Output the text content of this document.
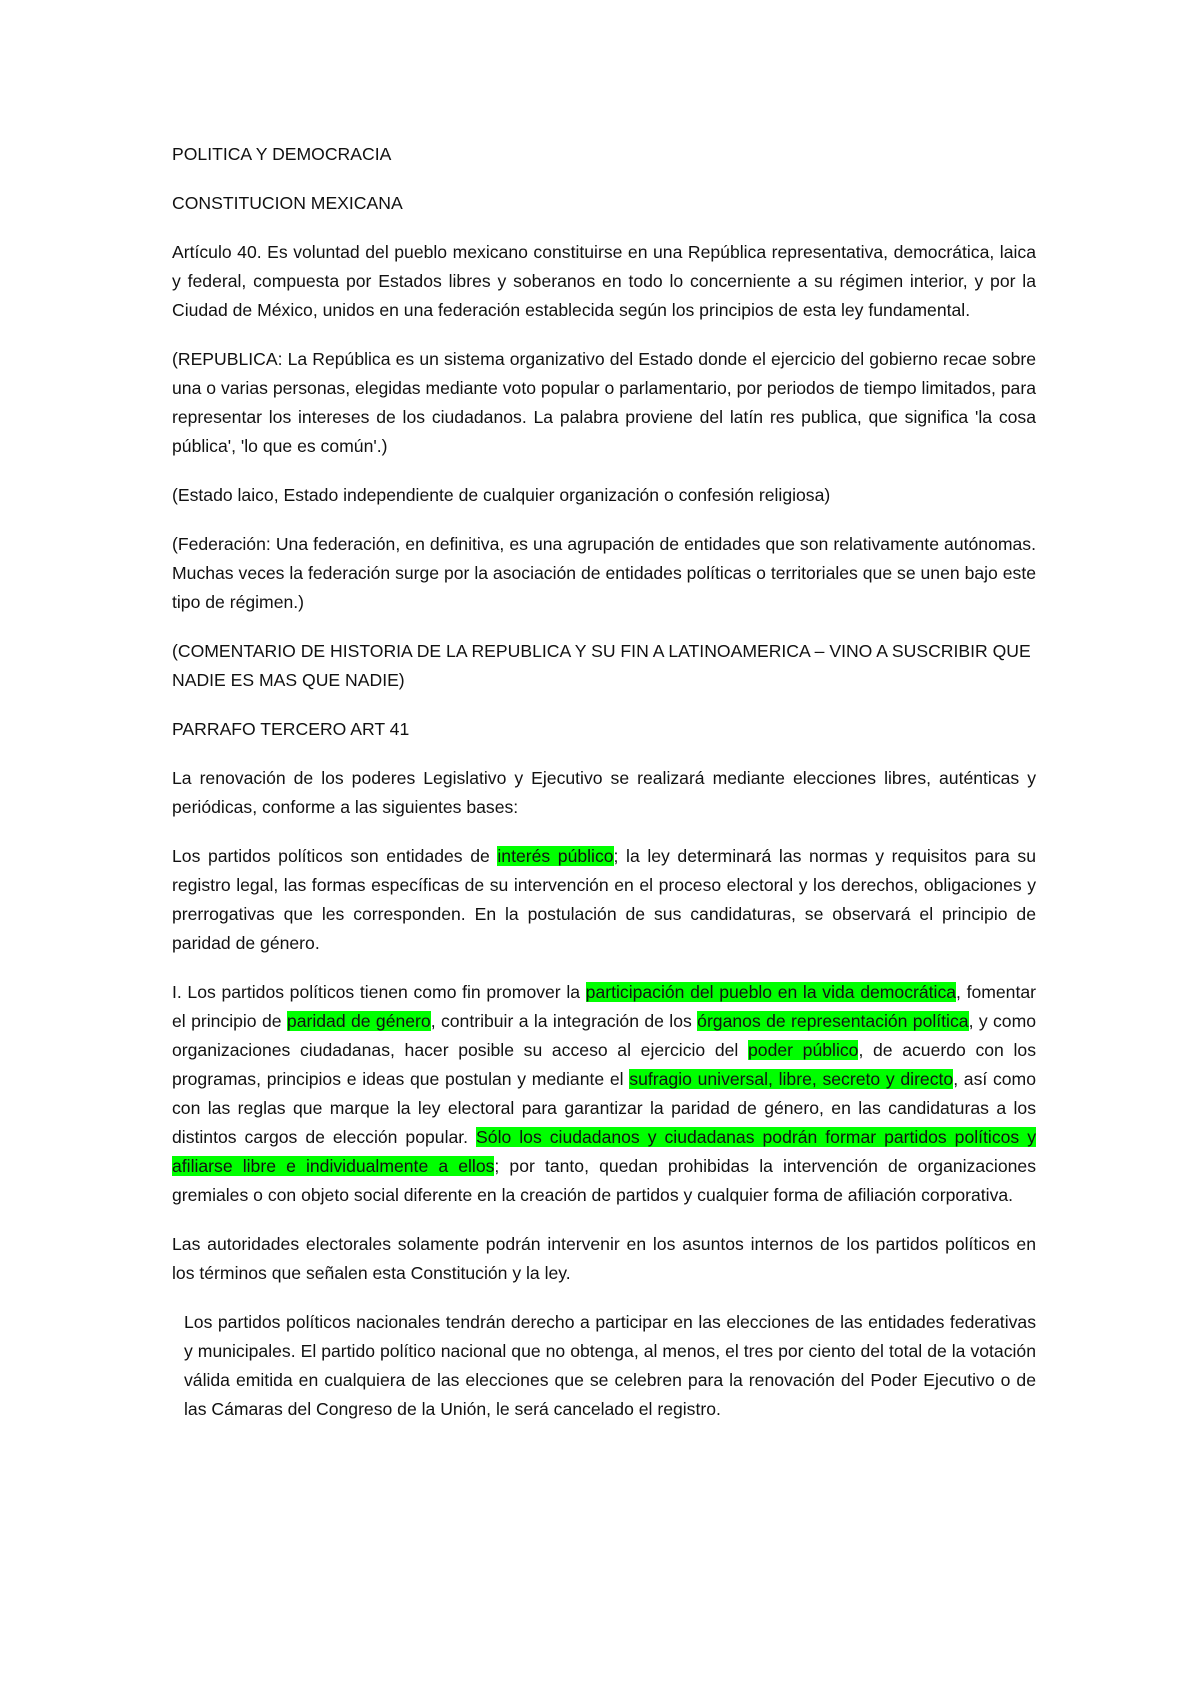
POLITICA Y DEMOCRACIA

CONSTITUCION MEXICANA

Artículo 40. Es voluntad del pueblo mexicano constituirse en una República representativa, democrática, laica y federal, compuesta por Estados libres y soberanos en todo lo concerniente a su régimen interior, y por la Ciudad de México, unidos en una federación establecida según los principios de esta ley fundamental.

(REPUBLICA: La República es un sistema organizativo del Estado donde el ejercicio del gobierno recae sobre una o varias personas, elegidas mediante voto popular o parlamentario, por periodos de tiempo limitados, para representar los intereses de los ciudadanos. La palabra proviene del latín res publica, que significa 'la cosa pública', 'lo que es común'.)

(Estado laico, Estado independiente de cualquier organización o confesión religiosa)

(Federación: Una federación, en definitiva, es una agrupación de entidades que son relativamente autónomas. Muchas veces la federación surge por la asociación de entidades políticas o territoriales que se unen bajo este tipo de régimen.)

(COMENTARIO DE HISTORIA DE LA REPUBLICA Y SU FIN A LATINOAMERICA – VINO A SUSCRIBIR QUE NADIE ES MAS QUE NADIE)

PARRAFO TERCERO ART 41

La renovación de los poderes Legislativo y Ejecutivo se realizará mediante elecciones libres, auténticas y periódicas, conforme a las siguientes bases:

Los partidos políticos son entidades de interés público; la ley determinará las normas y requisitos para su registro legal, las formas específicas de su intervención en el proceso electoral y los derechos, obligaciones y prerrogativas que les corresponden. En la postulación de sus candidaturas, se observará el principio de paridad de género.

I. Los partidos políticos tienen como fin promover la participación del pueblo en la vida democrática, fomentar el principio de paridad de género, contribuir a la integración de los órganos de representación política, y como organizaciones ciudadanas, hacer posible su acceso al ejercicio del poder público, de acuerdo con los programas, principios e ideas que postulan y mediante el sufragio universal, libre, secreto y directo, así como con las reglas que marque la ley electoral para garantizar la paridad de género, en las candidaturas a los distintos cargos de elección popular. Sólo los ciudadanos y ciudadanas podrán formar partidos políticos y afiliarse libre e individualmente a ellos; por tanto, quedan prohibidas la intervención de organizaciones gremiales o con objeto social diferente en la creación de partidos y cualquier forma de afiliación corporativa.

Las autoridades electorales solamente podrán intervenir en los asuntos internos de los partidos políticos en los términos que señalen esta Constitución y la ley.

Los partidos políticos nacionales tendrán derecho a participar en las elecciones de las entidades federativas y municipales. El partido político nacional que no obtenga, al menos, el tres por ciento del total de la votación válida emitida en cualquiera de las elecciones que se celebren para la renovación del Poder Ejecutivo o de las Cámaras del Congreso de la Unión, le será cancelado el registro.
